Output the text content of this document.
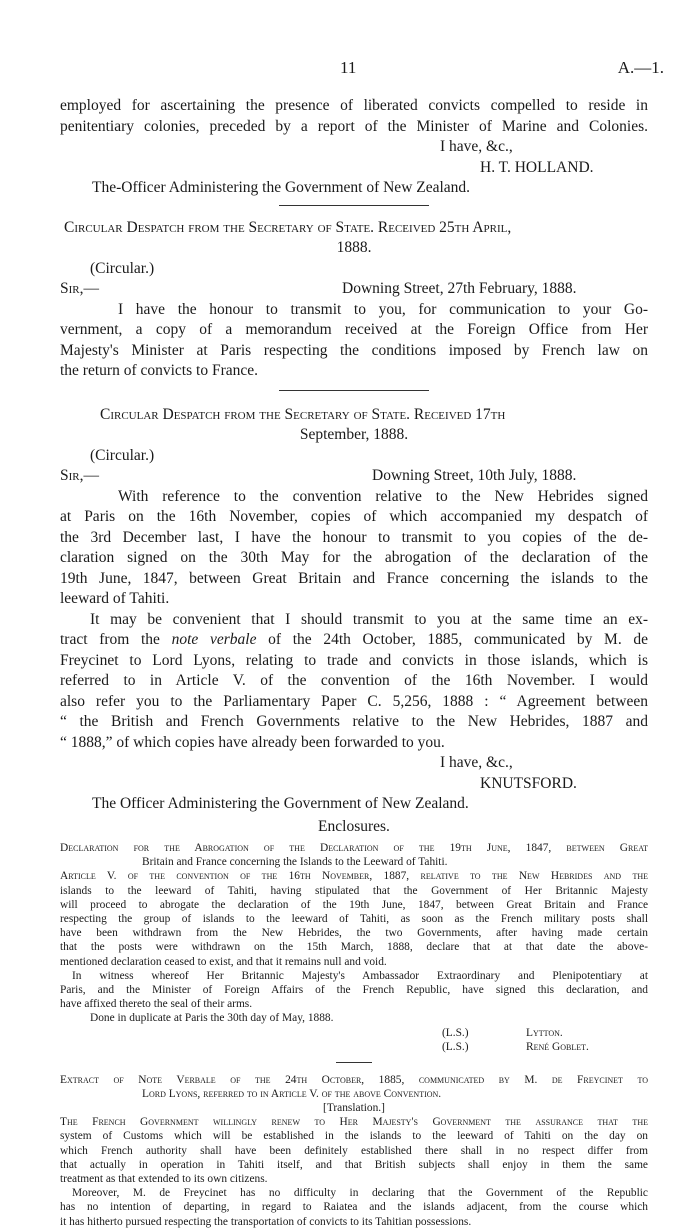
11	A.—1.
employed for ascertaining the presence of liberated convicts compelled to reside in
penitentiary colonies, preceded by a report of the Minister of Marine and Colonies.
I have, &c.,
H. T. HOLLAND.
The-Officer Administering the Government of New Zealand.
Circular Despatch from the Secretary of State. Received 25th April,
1888.
(Circular.)
Sir,—	Downing Street, 27th February, 1888.
I have the honour to transmit to you, for communication to your Go-
vernment, a copy of a memorandum received at the Foreign Office from Her
Majesty's Minister at Paris respecting the conditions imposed by French law on
the return of convicts to France.
Circular Despatch from the Secretary of State. Received 17th
September, 1888.
(Circular.)
Sir,—	Downing Street, 10th July, 1888.
With reference to the convention relative to the New Hebrides signed
at Paris on the 16th November, copies of which accompanied my despatch of
the 3rd December last, I have the honour to transmit to you copies of the de-
claration signed on the 30th May for the abrogation of the declaration of the
19th June, 1847, between Great Britain and France concerning the islands to the
leeward of Tahiti.
It may be convenient that I should transmit to you at the same time an ex-
tract from the note verbale of the 24th October, 1885, communicated by M. de
Freycinet to Lord Lyons, relating to trade and convicts in those islands, which is
referred to in Article V. of the convention of the 16th November. I would
also refer you to the Parliamentary Paper C. 5,256, 1888 : “ Agreement between
“ the British and French Governments relative to the New Hebrides, 1887 and
“ 1888,” of which copies have already been forwarded to you.
I have, &c.,
KNUTSFORD.
The Officer Administering the Government of New Zealand.
Enclosures.
Declaration for the Abrogation of the Declaration of the 19th June, 1847, between Great
Britain and France concerning the Islands to the Leeward of Tahiti.
Article V. of the convention of the 16th November, 1887, relative to the New Hebrides and the
islands to the leeward of Tahiti, having stipulated that the Government of Her Britannic Majesty
will proceed to abrogate the declaration of the 19th June, 1847, between Great Britain and France
respecting the group of islands to the leeward of Tahiti, as soon as the French military posts shall
have been withdrawn from the New Hebrides, the two Governments, after having made certain
that the posts were withdrawn on the 15th March, 1888, declare that at that date the above-
mentioned declaration ceased to exist, and that it remains null and void.
In witness whereof Her Britannic Majesty's Ambassador Extraordinary and Plenipotentiary at
Paris, and the Minister of Foreign Affairs of the French Republic, have signed this declaration, and
have affixed thereto the seal of their arms.
Done in duplicate at Paris the 30th day of May, 1888.
(L.S.)	Lytton.
(L.S.)	René Goblet.
Extract of Note Verbale of the 24th October, 1885, communicated by M. de Freycinet to
Lord Lyons, referred to in Article V. of the above Convention.
[Translation.]
The French Government willingly renew to Her Majesty's Government the assurance that the
system of Customs which will be established in the islands to the leeward of Tahiti on the day on
which French authority shall have been definitely established there shall in no respect differ from
that actually in operation in Tahiti itself, and that British subjects shall enjoy in them the same
treatment as that extended to its own citizens.
Moreover, M. de Freycinet has no difficulty in declaring that the Government of the Republic
has no intention of departing, in regard to Raiatea and the islands adjacent, from the course which
it has hitherto pursued respecting the transportation of convicts to its Tahitian possessions.
